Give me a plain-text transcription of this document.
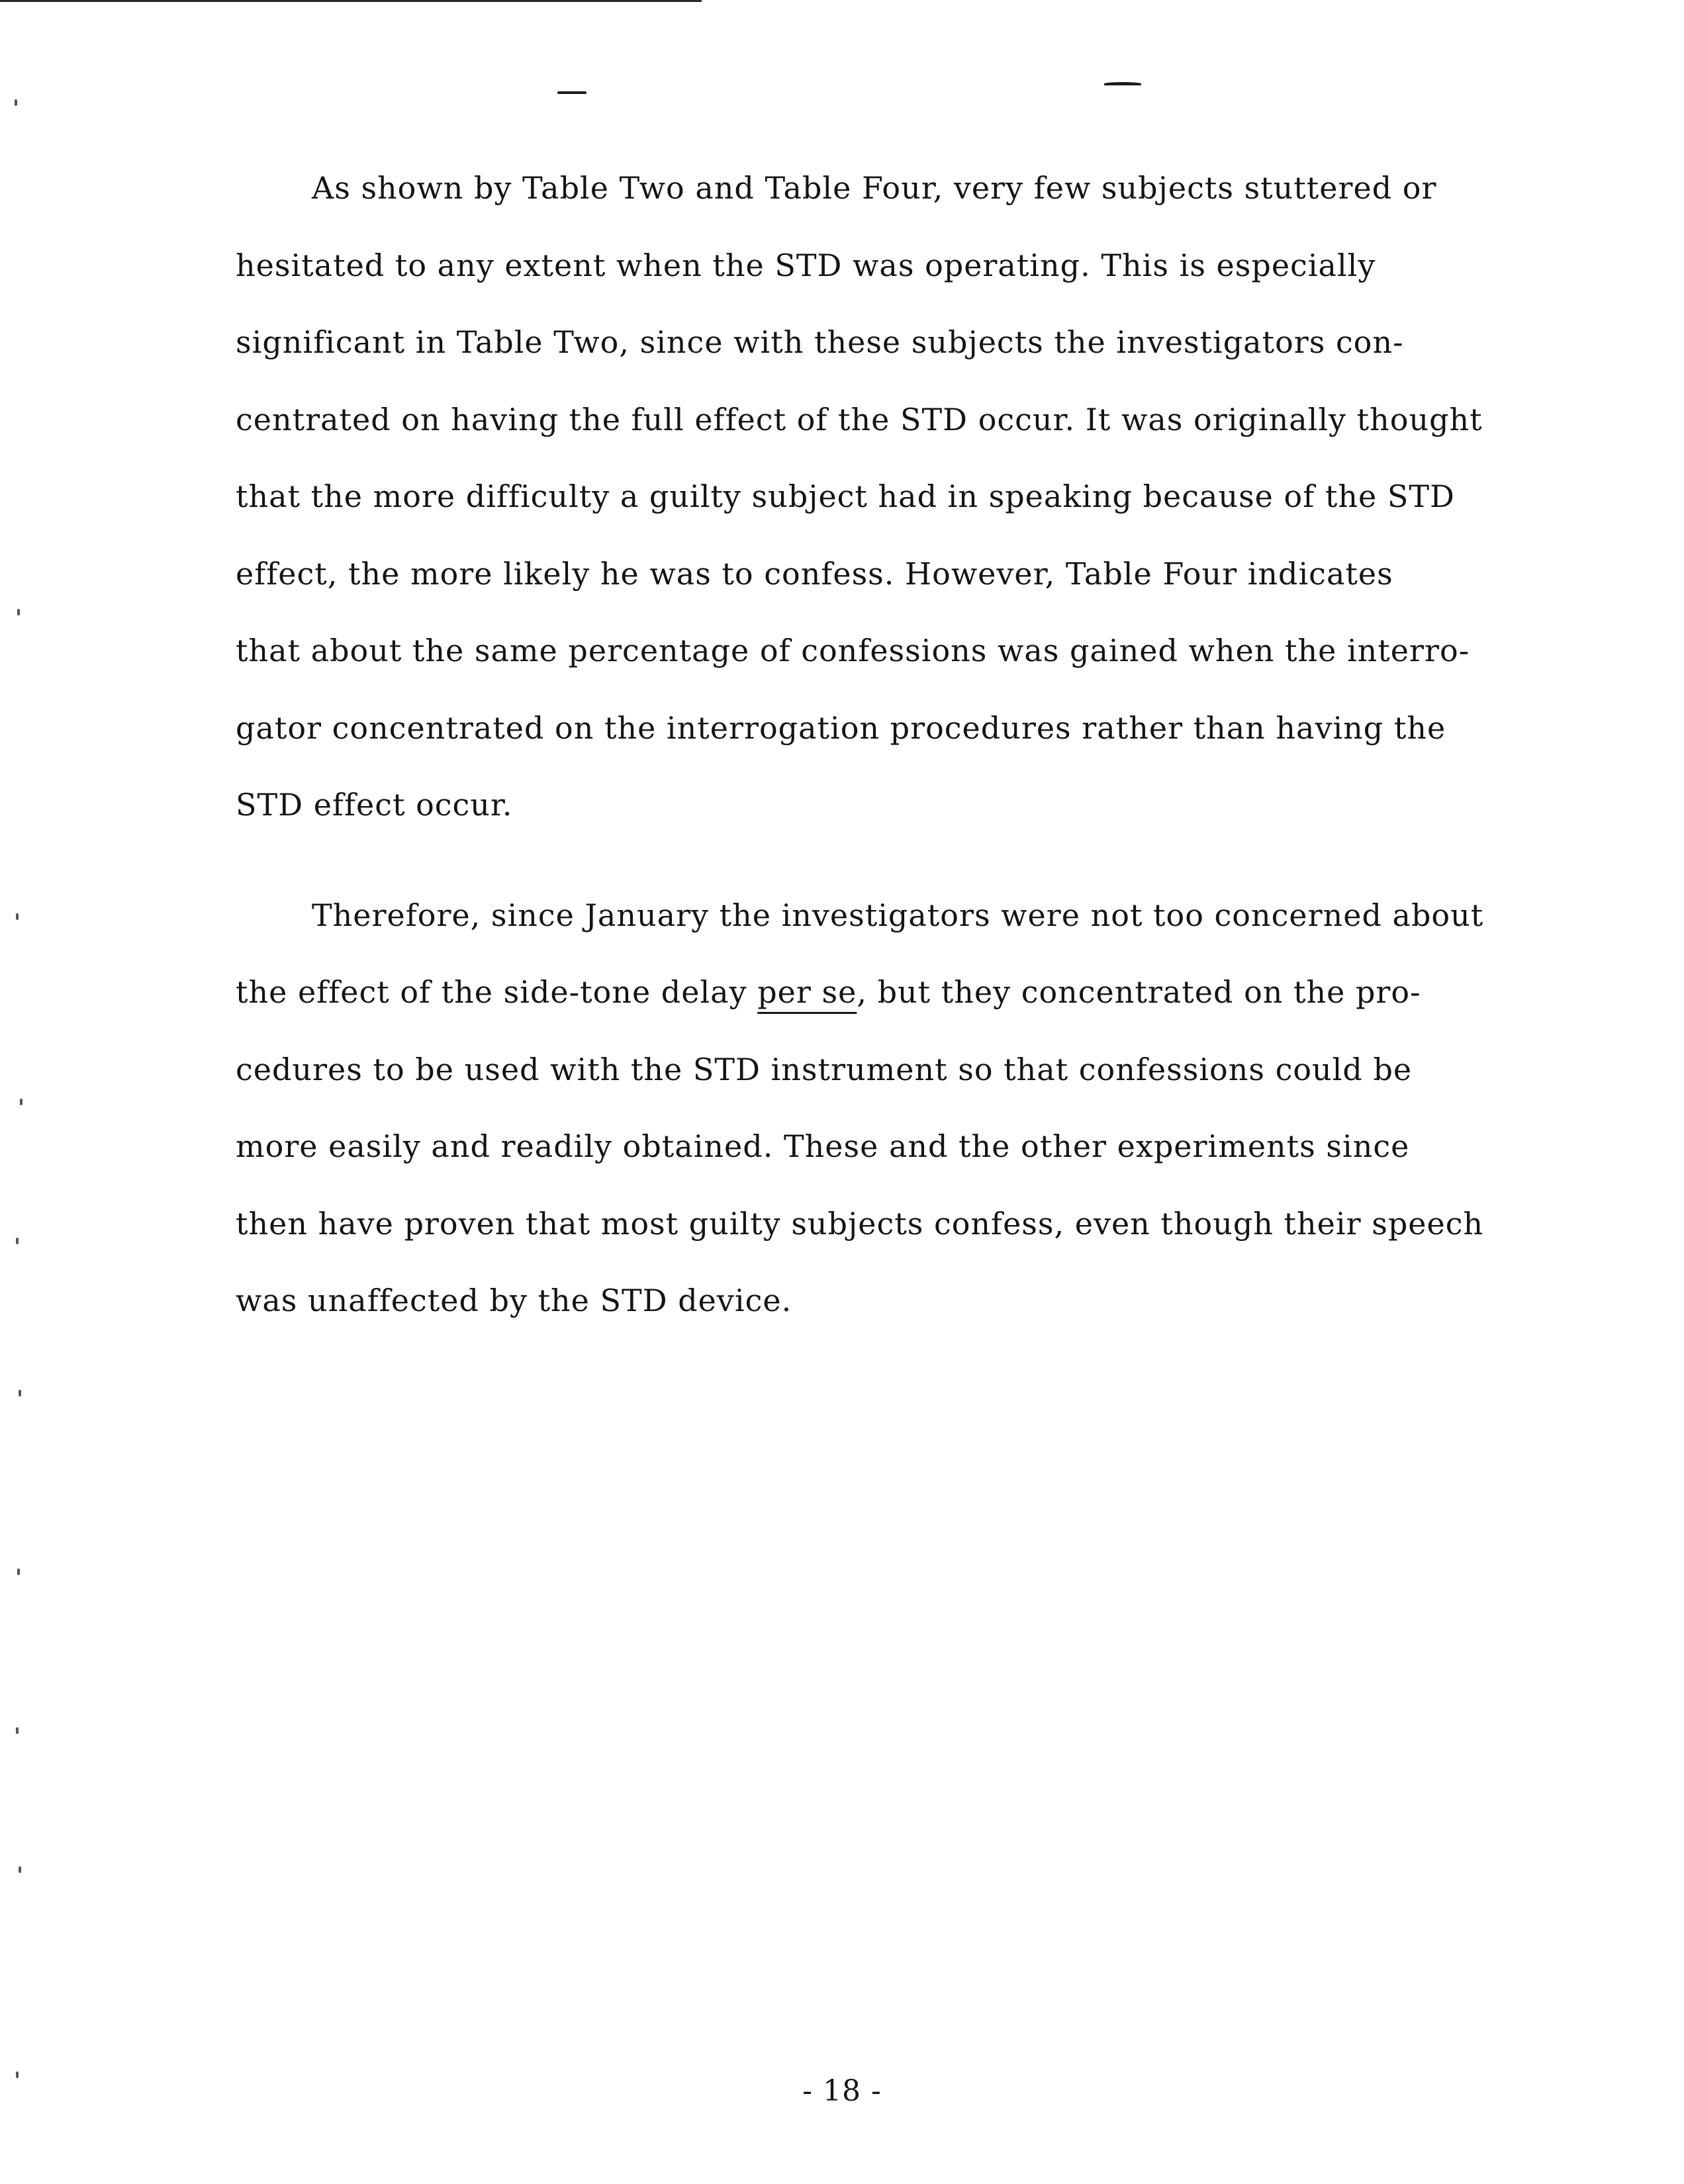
As shown by Table Two and Table Four, very few subjects stuttered or
hesitated to any extent when the STD was operating. This is especially
significant in Table Two, since with these subjects the investigators con-
centrated on having the full effect of the STD occur. It was originally thought
that the more difficulty a guilty subject had in speaking because of the STD
effect, the more likely he was to confess. However, Table Four indicates
that about the same percentage of confessions was gained when the interro-
gator concentrated on the interrogation procedures rather than having the
STD effect occur.
Therefore, since January the investigators were not too concerned about
the effect of the side-tone delay per se, but they concentrated on the pro-
cedures to be used with the STD instrument so that confessions could be
more easily and readily obtained. These and the other experiments since
then have proven that most guilty subjects confess, even though their speech
was unaffected by the STD device.
- 18 -
